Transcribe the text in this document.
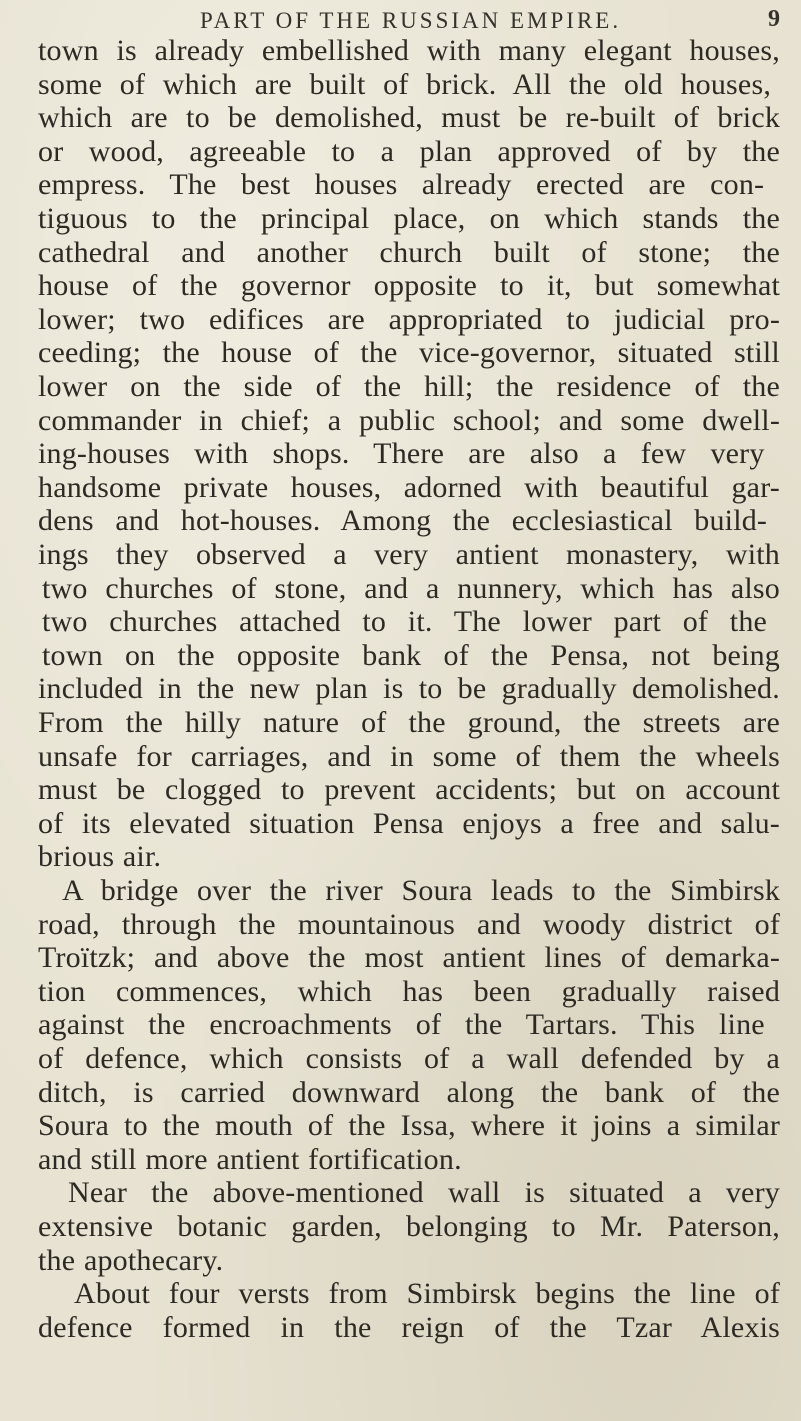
PART OF THE RUSSIAN EMPIRE.	9
town is already embellished with many elegant houses,
some of which are built of brick. All the old houses,
which are to be demolished, must be re-built of brick
or wood, agreeable to a plan approved of by the
empress. The best houses already erected are con-
tiguous to the principal place, on which stands the
cathedral and another church built of stone; the
house of the governor opposite to it, but somewhat
lower; two edifices are appropriated to judicial pro-
ceeding; the house of the vice-governor, situated still
lower on the side of the hill; the residence of the
commander in chief; a public school; and some dwell-
ing-houses with shops. There are also a few very
handsome private houses, adorned with beautiful gar-
dens and hot-houses. Among the ecclesiastical build-
ings they observed a very antient monastery, with
two churches of stone, and a nunnery, which has also
two churches attached to it. The lower part of the
town on the opposite bank of the Pensa, not being
included in the new plan is to be gradually demolished.
From the hilly nature of the ground, the streets are
unsafe for carriages, and in some of them the wheels
must be clogged to prevent accidents; but on account
of its elevated situation Pensa enjoys a free and salu-
brious air.
A bridge over the river Soura leads to the Simbirsk
road, through the mountainous and woody district of
Troïtzk; and above the most antient lines of demarka-
tion commences, which has been gradually raised
against the encroachments of the Tartars. This line
of defence, which consists of a wall defended by a
ditch, is carried downward along the bank of the
Soura to the mouth of the Issa, where it joins a similar
and still more antient fortification.
Near the above-mentioned wall is situated a very
extensive botanic garden, belonging to Mr. Paterson,
the apothecary.
About four versts from Simbirsk begins the line of
defence formed in the reign of the Tzar Alexis
